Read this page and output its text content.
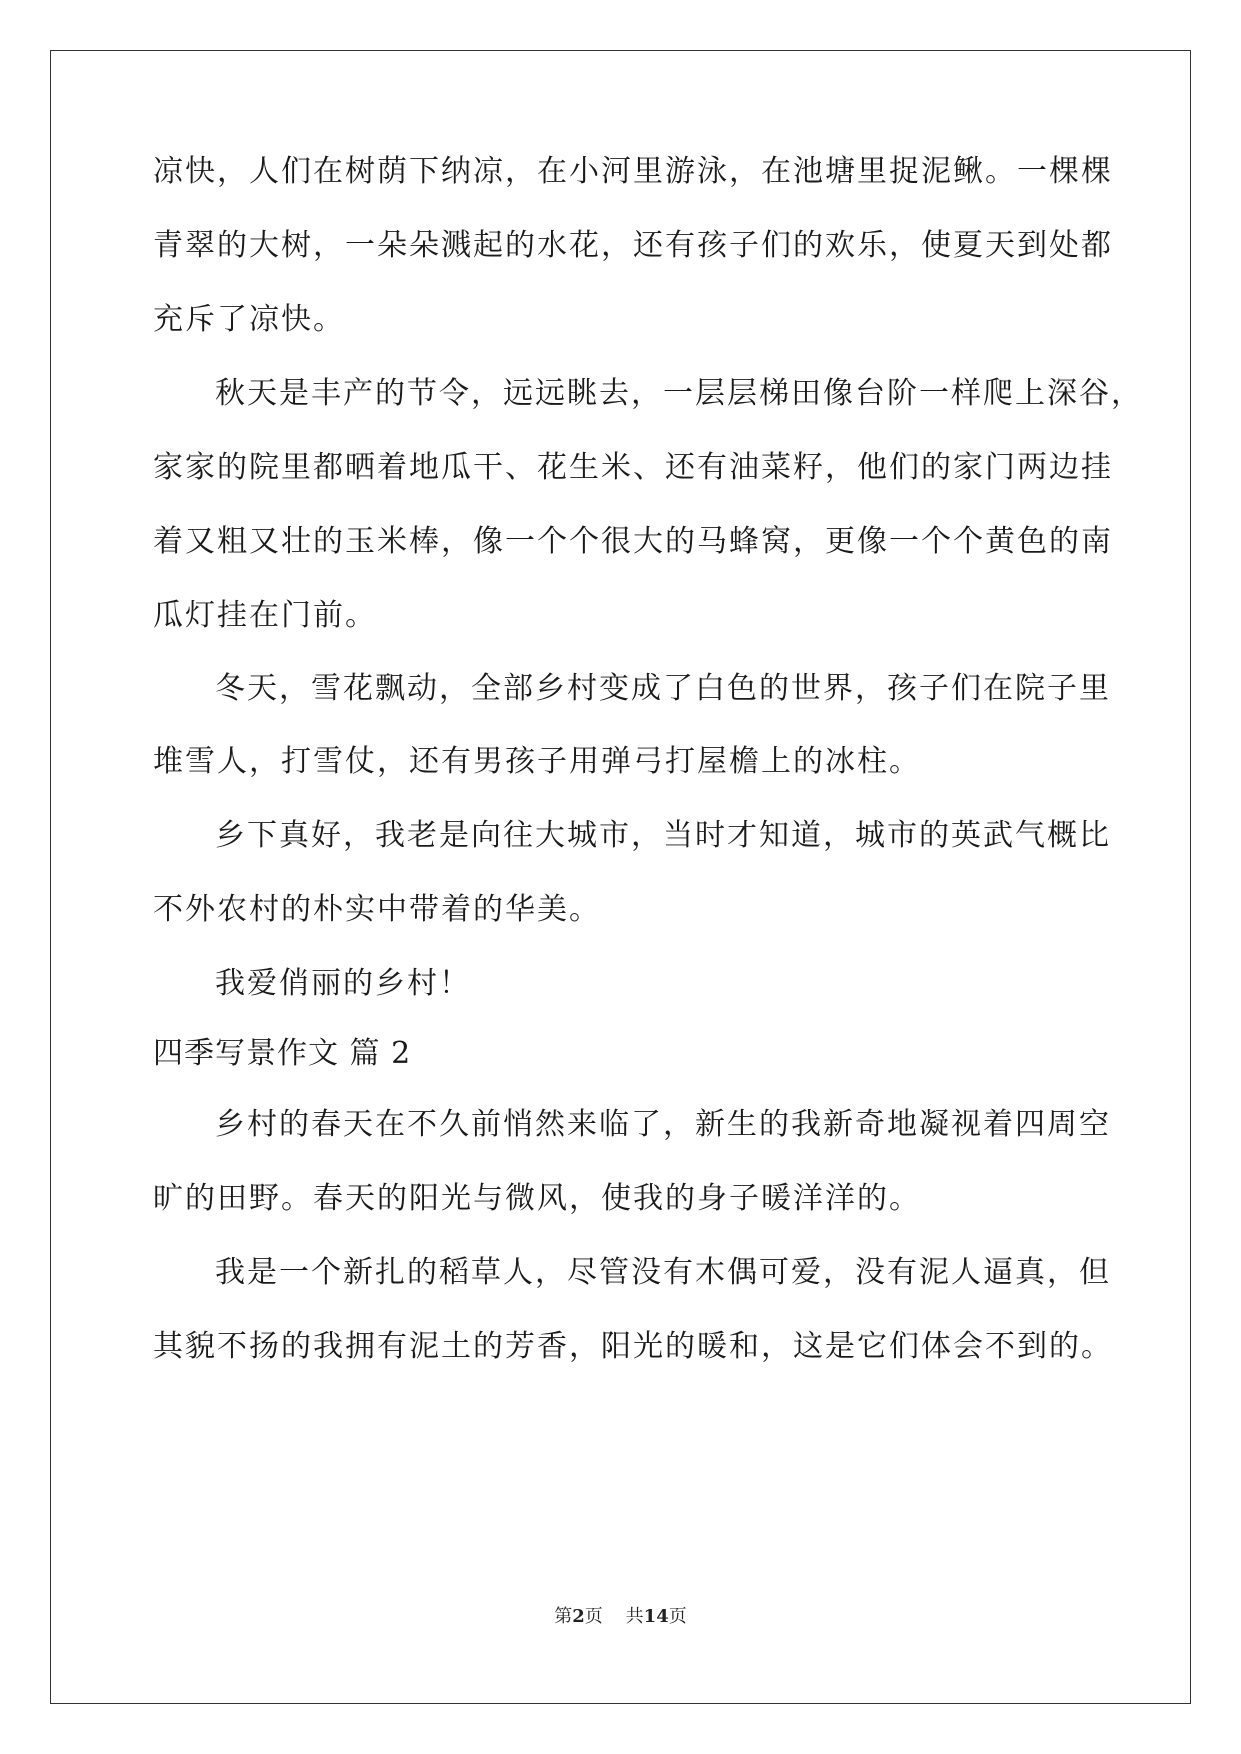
凉快，人们在树荫下纳凉，在小河里游泳，在池塘里捉泥鳅。一棵棵
青翠的大树，一朵朵溅起的水花，还有孩子们的欢乐，使夏天到处都
充斥了凉快。
秋天是丰产的节令，远远眺去，一层层梯田像台阶一样爬上深谷，
家家的院里都晒着地瓜干、花生米、还有油菜籽，他们的家门两边挂
着又粗又壮的玉米棒，像一个个很大的马蜂窝，更像一个个黄色的南
瓜灯挂在门前。
冬天，雪花飘动，全部乡村变成了白色的世界，孩子们在院子里
堆雪人，打雪仗，还有男孩子用弹弓打屋檐上的冰柱。
乡下真好，我老是向往大城市，当时才知道，城市的英武气概比
不外农村的朴实中带着的华美。
我爱俏丽的乡村！
四季写景作文 篇 2
乡村的春天在不久前悄然来临了，新生的我新奇地凝视着四周空
旷的田野。春天的阳光与微风，使我的身子暖洋洋的。
我是一个新扎的稻草人，尽管没有木偶可爱，没有泥人逼真，但
其貌不扬的我拥有泥土的芳香，阳光的暖和，这是它们体会不到的。
第2页 共14页
